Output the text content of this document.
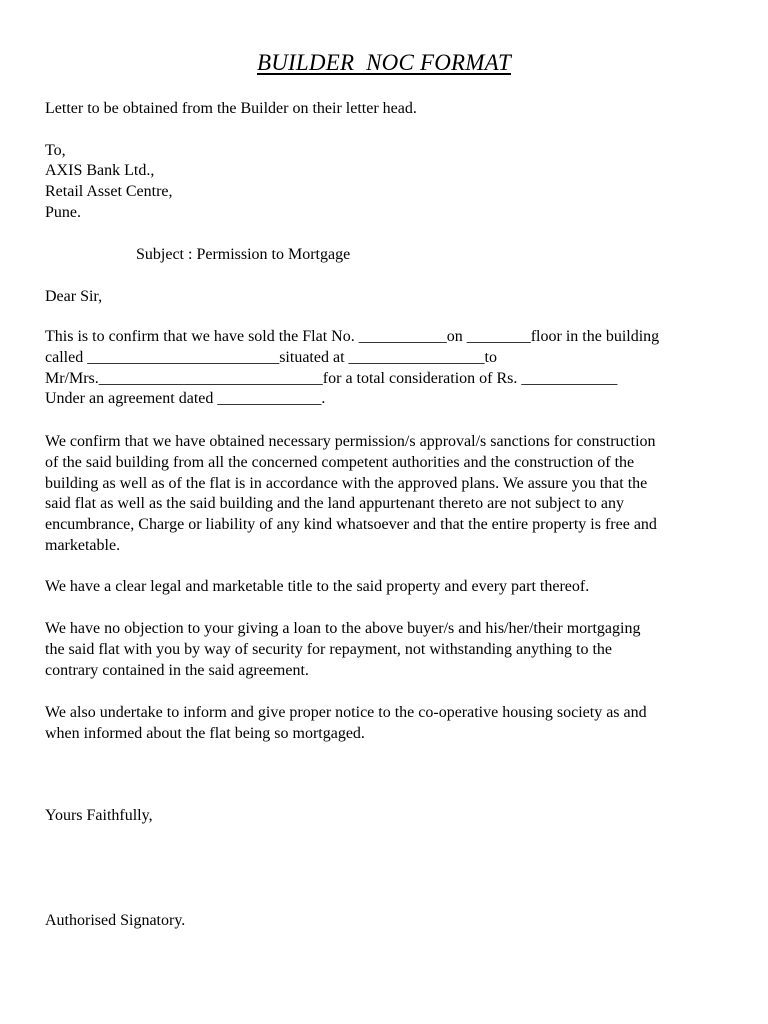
BUILDER  NOC FORMAT
Letter to be obtained from the Builder on their letter head.
To,
AXIS Bank Ltd.,
Retail Asset Centre,
Pune.
Subject : Permission to Mortgage
Dear Sir,
This is to confirm that we have sold the Flat No. ___________on ________floor in the building
called ________________________situated at _________________to
Mr/Mrs.____________________________for a total consideration of Rs. ____________
Under an agreement dated _____________.
We confirm that we have obtained necessary permission/s approval/s sanctions for construction
of the said building from all the concerned competent authorities and the construction of the
building as well as of the flat is in accordance with the approved plans. We assure you that the
said flat as well as the said building and the land appurtenant thereto are not subject to any
encumbrance, Charge or liability of any kind whatsoever and that the entire property is free and
marketable.
We have a clear legal and marketable title to the said property and every part thereof.
We have no objection to your giving a loan to the above buyer/s and his/her/their mortgaging
the said flat with you by way of security for repayment, not withstanding anything to the
contrary contained in the said agreement.
We also undertake to inform and give proper notice to the co-operative housing society as and
when informed about the flat being so mortgaged.
Yours Faithfully,
Authorised Signatory.
